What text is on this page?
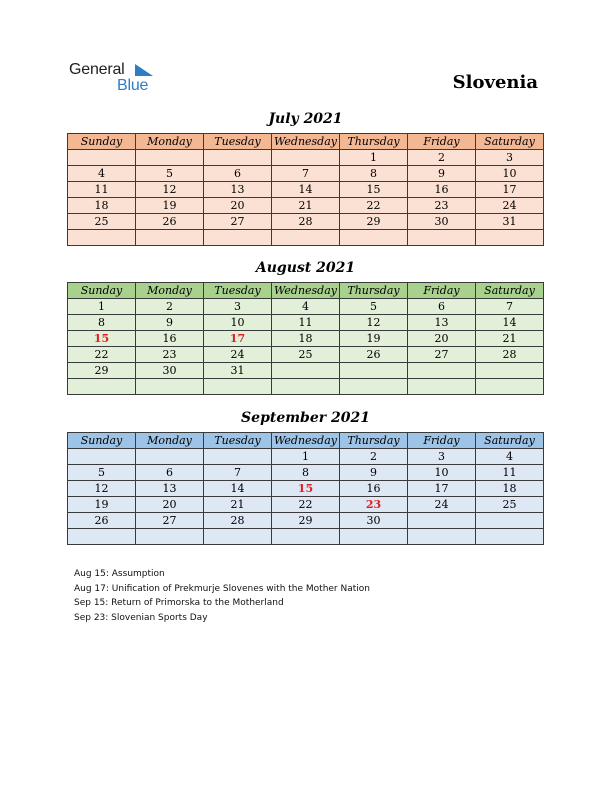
General
Blue	Slovenia
July 2021
Sunday	Monday	Tuesday	Wednesday	Thursday	Friday	Saturday
				1	2	3
4	5	6	7	8	9	10
11	12	13	14	15	16	17
18	19	20	21	22	23	24
25	26	27	28	29	30	31

August 2021
Sunday	Monday	Tuesday	Wednesday	Thursday	Friday	Saturday
1	2	3	4	5	6	7
8	9	10	11	12	13	14
15	16	17	18	19	20	21
22	23	24	25	26	27	28
29	30	31				

September 2021
Sunday	Monday	Tuesday	Wednesday	Thursday	Friday	Saturday
			1	2	3	4
5	6	7	8	9	10	11
12	13	14	15	16	17	18
19	20	21	22	23	24	25
26	27	28	29	30		

Aug 15: Assumption
Aug 17: Unification of Prekmurje Slovenes with the Mother Nation
Sep 15: Return of Primorska to the Motherland
Sep 23: Slovenian Sports Day
